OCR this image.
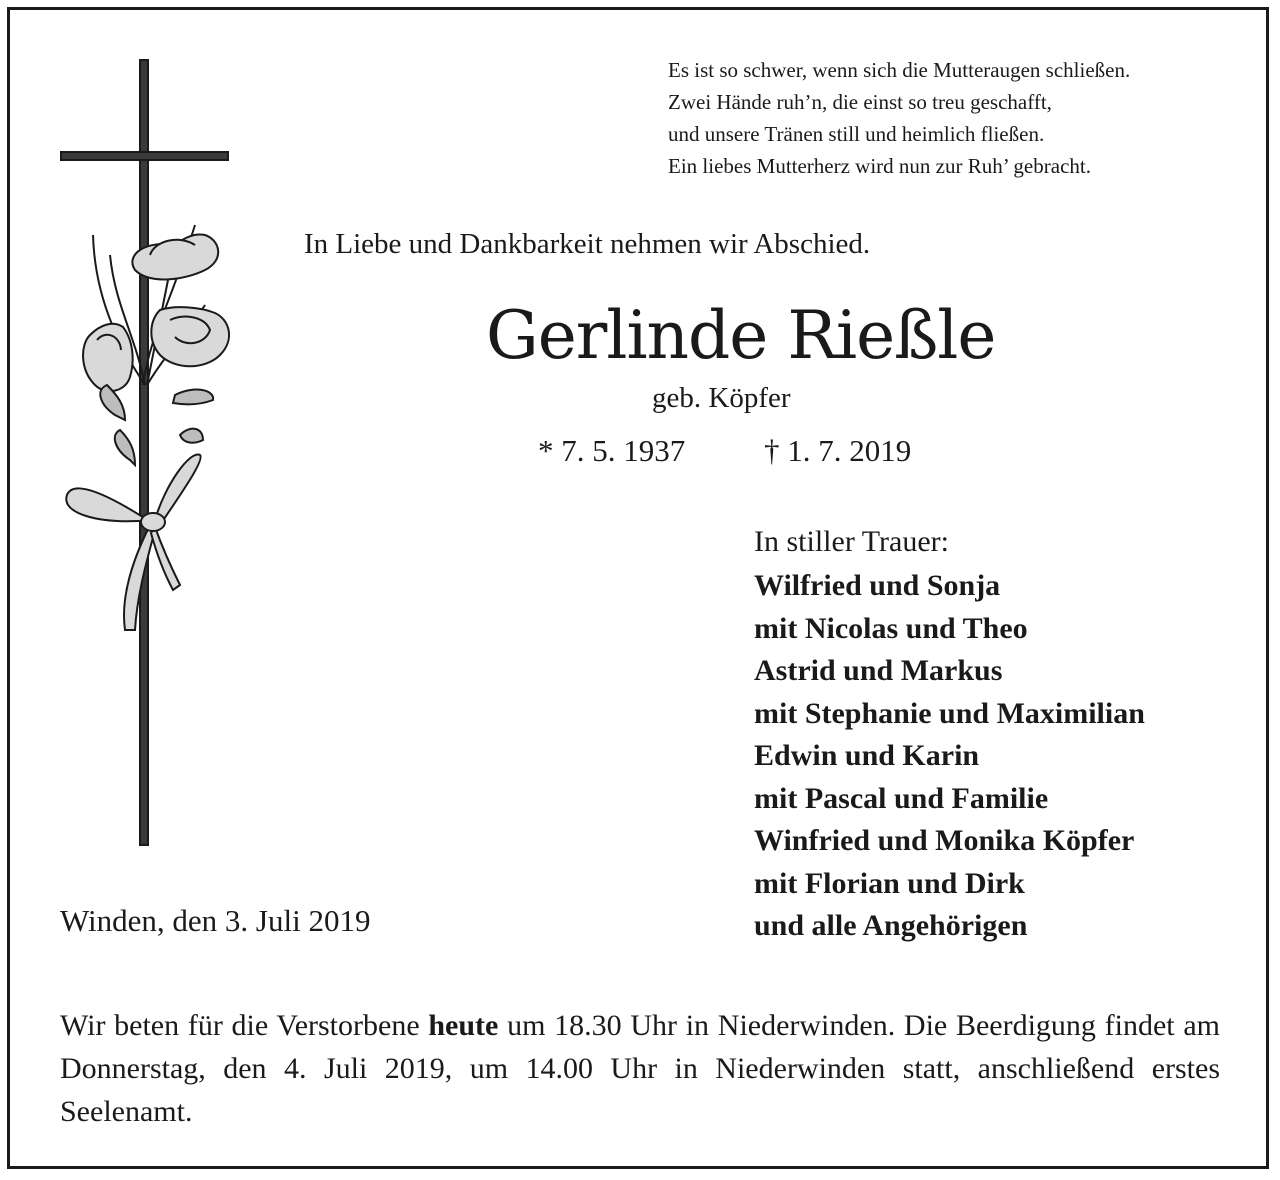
Es ist so schwer, wenn sich die Mutteraugen schließen.
Zwei Hände ruh’n, die einst so treu geschafft,
und unsere Tränen still und heimlich fließen.
Ein liebes Mutterherz wird nun zur Ruh’ gebracht.
In Liebe und Dankbarkeit nehmen wir Abschied.
Gerlinde Rießle
geb. Köpfer
* 7. 5. 1937	† 1. 7. 2019
In stiller Trauer:
Wilfried und Sonja
mit Nicolas und Theo
Astrid und Markus
mit Stephanie und Maximilian
Edwin und Karin
mit Pascal und Familie
Winfried und Monika Köpfer
mit Florian und Dirk
und alle Angehörigen
Winden, den 3. Juli 2019
Wir beten für die Verstorbene heute um 18.30 Uhr in Niederwinden. Die Beerdigung findet am Donnerstag, den 4. Juli 2019, um 14.00 Uhr in Niederwinden statt, anschließend erstes Seelenamt.
